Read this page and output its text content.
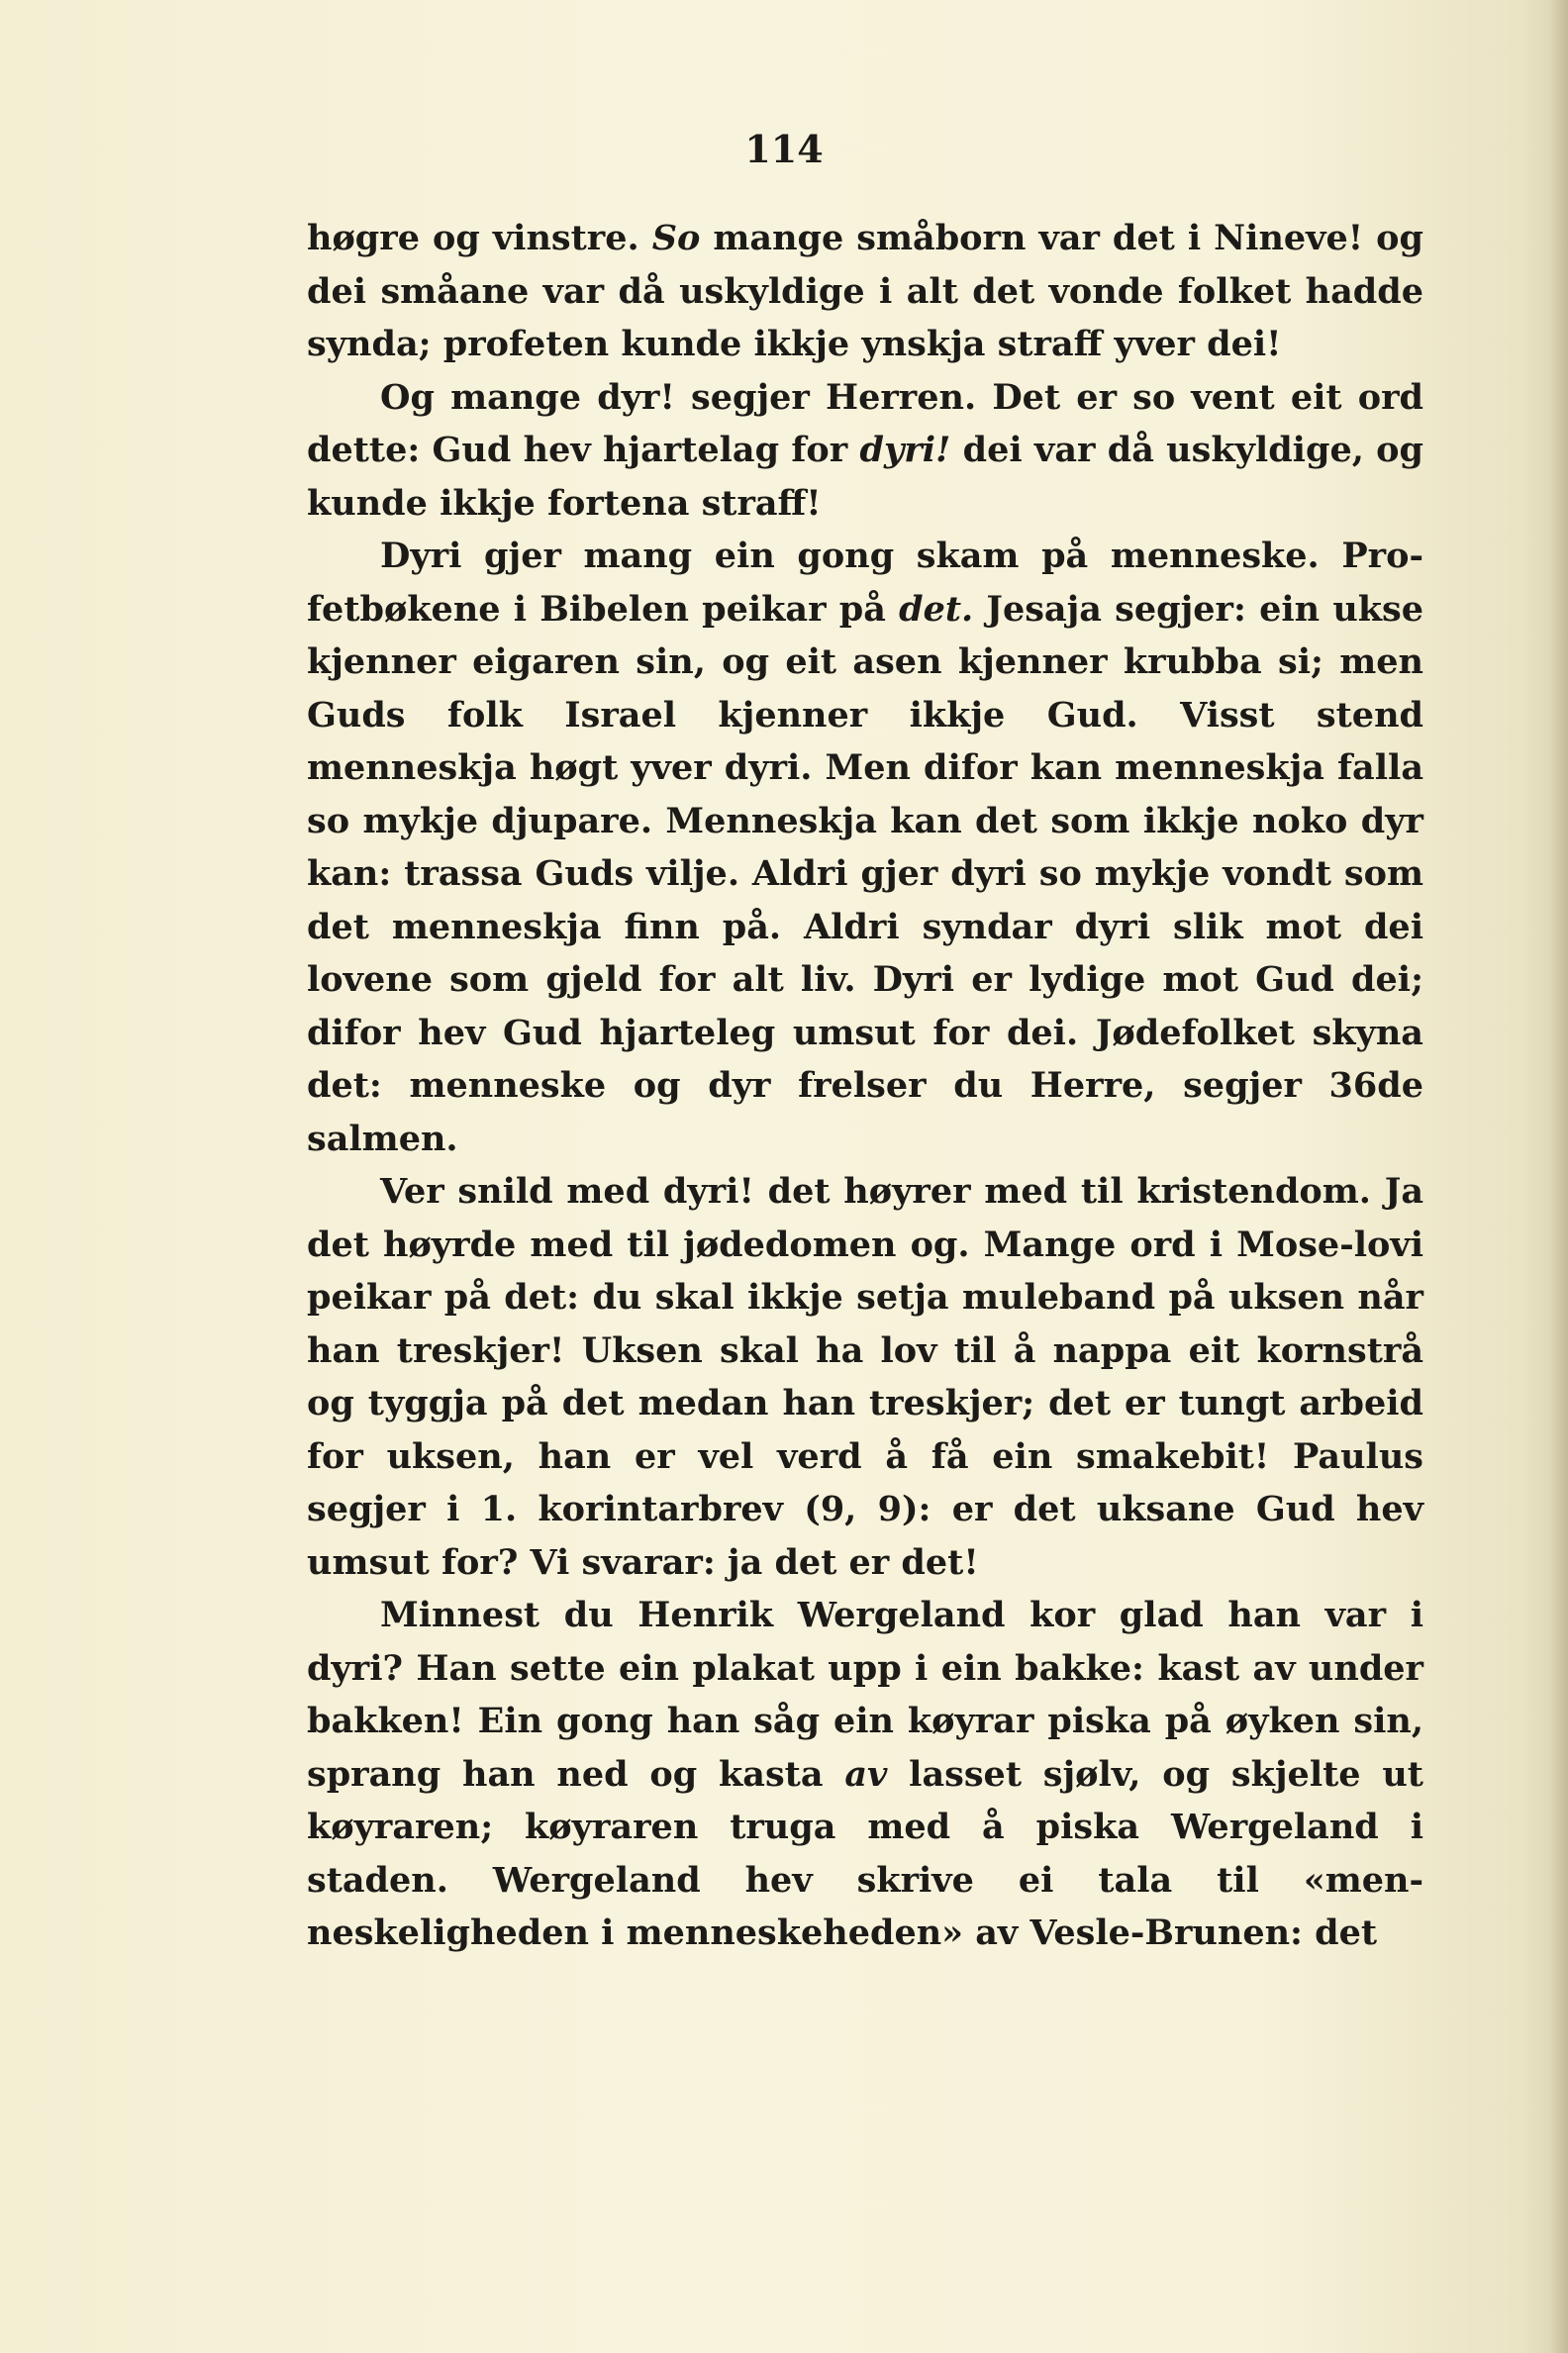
114

høgre og vinstre. So mange småborn var det i Nineve! og dei småane var då uskyldige i alt det vonde folket hadde synda; profeten kunde ikkje ynskja straff yver dei!

Og mange dyr! segjer Herren. Det er so vent eit ord dette: Gud hev hjartelag for dyri! dei var då uskyldige, og kunde ikkje fortena straff!

Dyri gjer mang ein gong skam på menneske. Profetbøkene i Bibelen peikar på det. Jesaja segjer: ein ukse kjenner eigaren sin, og eit asen kjenner krubba si; men Guds folk Israel kjenner ikkje Gud. Visst stend menneskja høgt yver dyri. Men difor kan menneskja falla so mykje djupare. Menneskja kan det som ikkje noko dyr kan: trassa Guds vilje. Aldri gjer dyri so mykje vondt som det menneskja finn på. Aldri syndar dyri slik mot dei lovene som gjeld for alt liv. Dyri er lydige mot Gud dei; difor hev Gud hjarteleg umsut for dei. Jødefolket skyna det: menneske og dyr frelser du Herre, segjer 36de salmen.

Ver snild med dyri! det høyrer med til kristendom. Ja det høyrde med til jødedomen og. Mange ord i Mose-lovi peikar på det: du skal ikkje setja muleband på uksen når han treskjer! Uksen skal ha lov til å nappa eit kornstrå og tyggja på det medan han treskjer; det er tungt arbeid for uksen, han er vel verd å få ein smakebit! Paulus segjer i 1. korintarbrev (9, 9): er det uksane Gud hev umsut for? Vi svarar: ja det er det!

Minnest du Henrik Wergeland kor glad han var i dyri? Han sette ein plakat upp i ein bakke: kast av under bakken! Ein gong han såg ein køyrar piska på øyken sin, sprang han ned og kasta av lasset sjølv, og skjelte ut køyraren; køyraren truga med å piska Wergeland i staden. Wergeland hev skrive ei tala til «menneskeligheden i menneskeheden» av Vesle-Brunen: det
